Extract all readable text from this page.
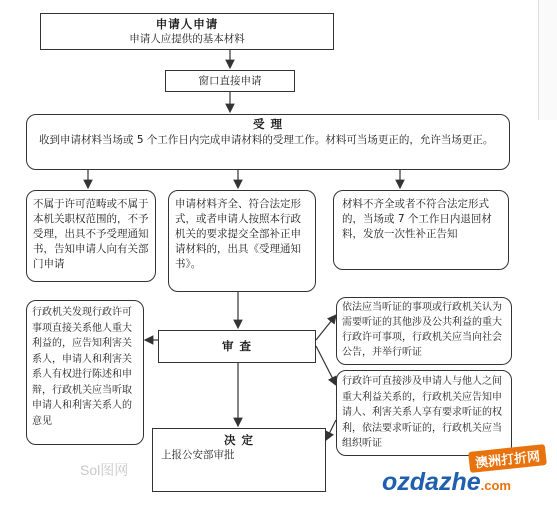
申请人申请
申请人应提供的基本材料
窗口直接申请
受 理
收到申请材料当场或 5 个工作日内完成申请材料的受理工作。材料可当场更正的，允许当场更正。
不属于许可范畴或不属于本机关职权范围的，不予受理，出具不予受理通知书，告知申请人向有关部门申请
申请材料齐全、符合法定形式，或者申请人按照本行政机关的要求提交全部补正申请材料的，出具《受理通知书》。
材料不齐全或者不符合法定形式的，当场或 7 个工作日内退回材料，发放一次性补正告知
行政机关发现行政许可事项直接关系他人重大利益的，应告知利害关系人，申请人和利害关系人有权进行陈述和申辩，行政机关应当听取申请人和利害关系人的意见
审 查
依法应当听证的事项或行政机关认为需要听证的其他涉及公共利益的重大行政许可事项，行政机关应当向社会公告，并举行听证
行政许可直接涉及申请人与他人之间重大利益关系的，行政机关应告知申请人、利害关系人享有要求听证的权利，依法要求听证的，行政机关应当组织听证
决 定
上报公安部审批
Sol图网	澳洲打折网
ozdazhe.com
